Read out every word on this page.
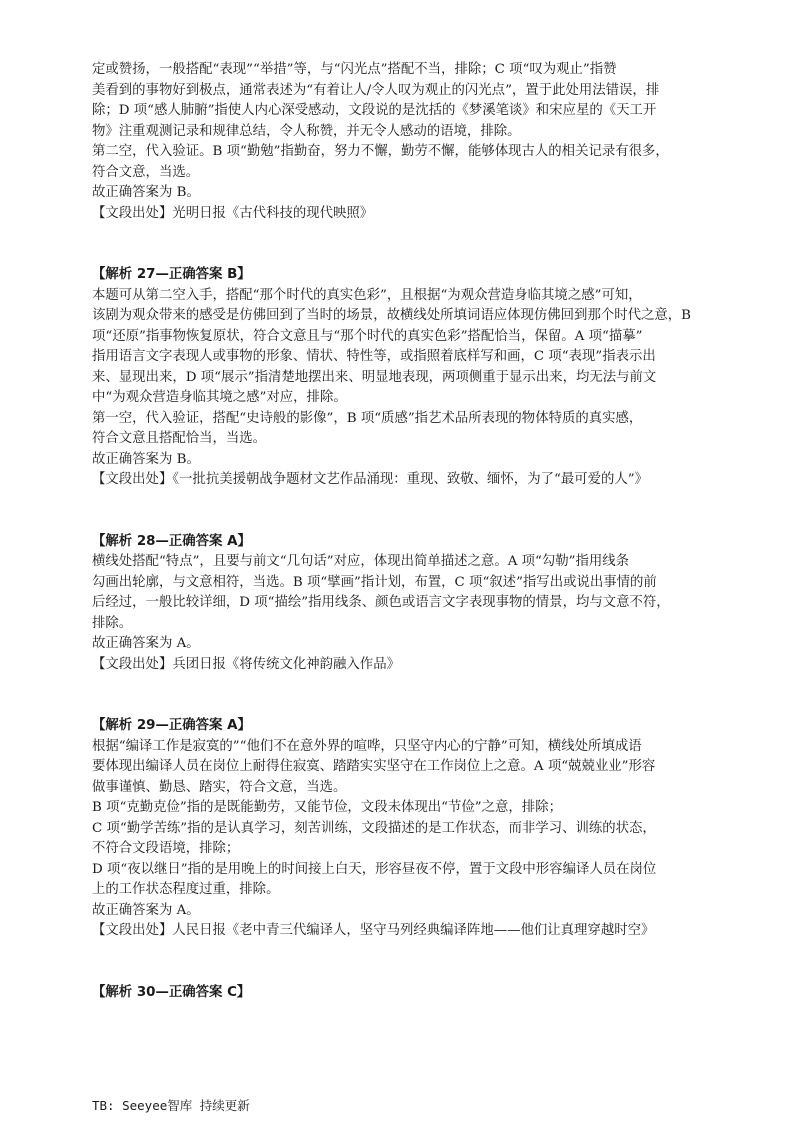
定或赞扬，一般搭配“表现”“举措”等，与“闪光点”搭配不当，排除；C 项“叹为观止”指赞
美看到的事物好到极点，通常表述为“有着让人/令人叹为观止的闪光点”，置于此处用法错误，排
除；D 项“感人肺腑”指使人内心深受感动，文段说的是沈括的《梦溪笔谈》和宋应星的《天工开
物》注重观测记录和规律总结，令人称赞，并无令人感动的语境，排除。
第二空，代入验证。B 项“勤勉”指勤奋，努力不懈，勤劳不懈，能够体现古人的相关记录有很多，
符合文意，当选。
故正确答案为 B。
【文段出处】光明日报《古代科技的现代映照》
【解析 27—正确答案 B】
本题可从第二空入手，搭配“那个时代的真实色彩”，且根据“为观众营造身临其境之感”可知，
该剧为观众带来的感受是仿佛回到了当时的场景，故横线处所填词语应体现仿佛回到那个时代之意，B
项“还原”指事物恢复原状，符合文意且与“那个时代的真实色彩”搭配恰当，保留。A 项“描摹”
指用语言文字表现人或事物的形象、情状、特性等，或指照着底样写和画，C 项“表现”指表示出
来、显现出来，D 项“展示”指清楚地摆出来、明显地表现，两项侧重于显示出来，均无法与前文
中“为观众营造身临其境之感”对应，排除。
第一空，代入验证，搭配“史诗般的影像”，B 项“质感”指艺术品所表现的物体特质的真实感，
符合文意且搭配恰当，当选。
故正确答案为 B。
【文段出处】《一批抗美援朝战争题材文艺作品涌现：重现、致敬、缅怀，为了“最可爱的人”》
【解析 28—正确答案 A】
横线处搭配“特点”，且要与前文“几句话”对应，体现出简单描述之意。A 项“勾勒”指用线条
勾画出轮廓，与文意相符，当选。B 项“擘画”指计划，布置，C 项“叙述”指写出或说出事情的前
后经过，一般比较详细，D 项“描绘”指用线条、颜色或语言文字表现事物的情景，均与文意不符，
排除。
故正确答案为 A。
【文段出处】兵团日报《将传统文化神韵融入作品》
【解析 29—正确答案 A】
根据“编译工作是寂寞的”“他们不在意外界的喧哗，只坚守内心的宁静”可知，横线处所填成语
要体现出编译人员在岗位上耐得住寂寞、踏踏实实坚守在工作岗位上之意。A 项“兢兢业业”形容
做事谨慎、勤恳、踏实，符合文意，当选。
B 项“克勤克俭”指的是既能勤劳，又能节俭，文段未体现出“节俭”之意，排除；
C 项“勤学苦练”指的是认真学习，刻苦训练，文段描述的是工作状态，而非学习、训练的状态，
不符合文段语境，排除；
D 项“夜以继日”指的是用晚上的时间接上白天，形容昼夜不停，置于文段中形容编译人员在岗位
上的工作状态程度过重，排除。
故正确答案为 A。
【文段出处】人民日报《老中青三代编译人，坚守马列经典编译阵地——他们让真理穿越时空》
【解析 30—正确答案 C】
TB: Seeyee智库 持续更新
